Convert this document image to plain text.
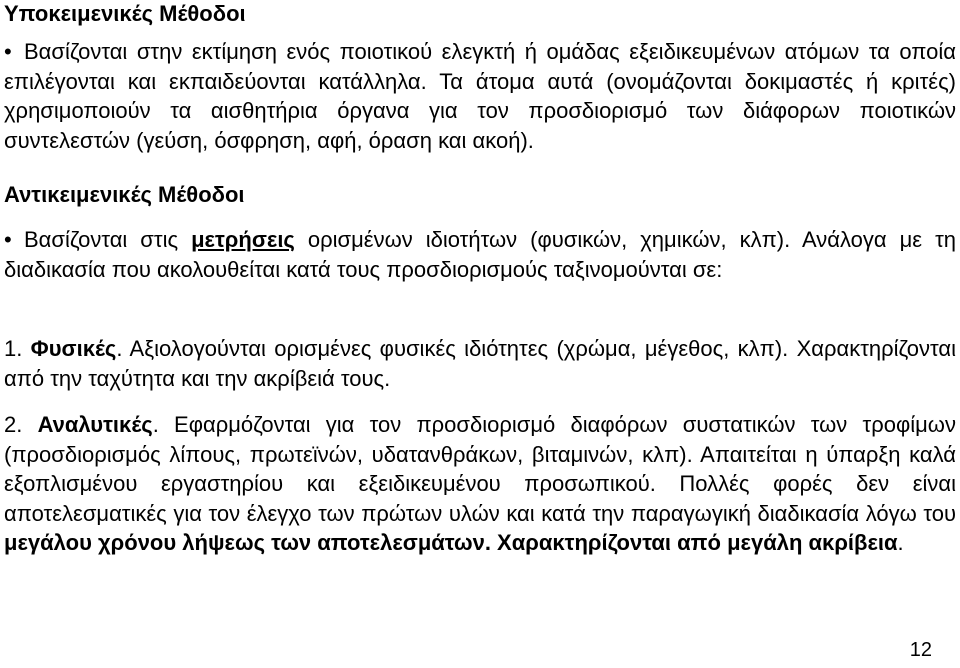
Υποκειμενικές Μέθοδοι
• Βασίζονται στην εκτίμηση ενός ποιοτικού ελεγκτή ή ομάδας εξειδικευμένων ατόμων τα οποία επιλέγονται και εκπαιδεύονται κατάλληλα. Τα άτομα αυτά (ονομάζονται δοκιμαστές ή κριτές) χρησιμοποιούν τα αισθητήρια όργανα για τον προσδιορισμό των διάφορων ποιοτικών συντελεστών (γεύση, όσφρηση, αφή, όραση και ακοή).
Αντικειμενικές Μέθοδοι
• Βασίζονται στις μετρήσεις ορισμένων ιδιοτήτων (φυσικών, χημικών, κλπ). Ανάλογα με τη διαδικασία που ακολουθείται κατά τους προσδιορισμούς ταξινομούνται σε:
1. Φυσικές. Αξιολογούνται ορισμένες φυσικές ιδιότητες (χρώμα, μέγεθος, κλπ). Χαρακτηρίζονται από την ταχύτητα και την ακρίβειά τους.
2. Αναλυτικές. Εφαρμόζονται για τον προσδιορισμό διαφόρων συστατικών των τροφίμων (προσδιορισμός λίπους, πρωτεϊνών, υδατανθράκων, βιταμινών, κλπ). Απαιτείται η ύπαρξη καλά εξοπλισμένου εργαστηρίου και εξειδικευμένου προσωπικού. Πολλές φορές δεν είναι αποτελεσματικές για τον έλεγχο των πρώτων υλών και κατά την παραγωγική διαδικασία λόγω του μεγάλου χρόνου λήψεως των αποτελεσμάτων. Χαρακτηρίζονται από μεγάλη ακρίβεια.
12
